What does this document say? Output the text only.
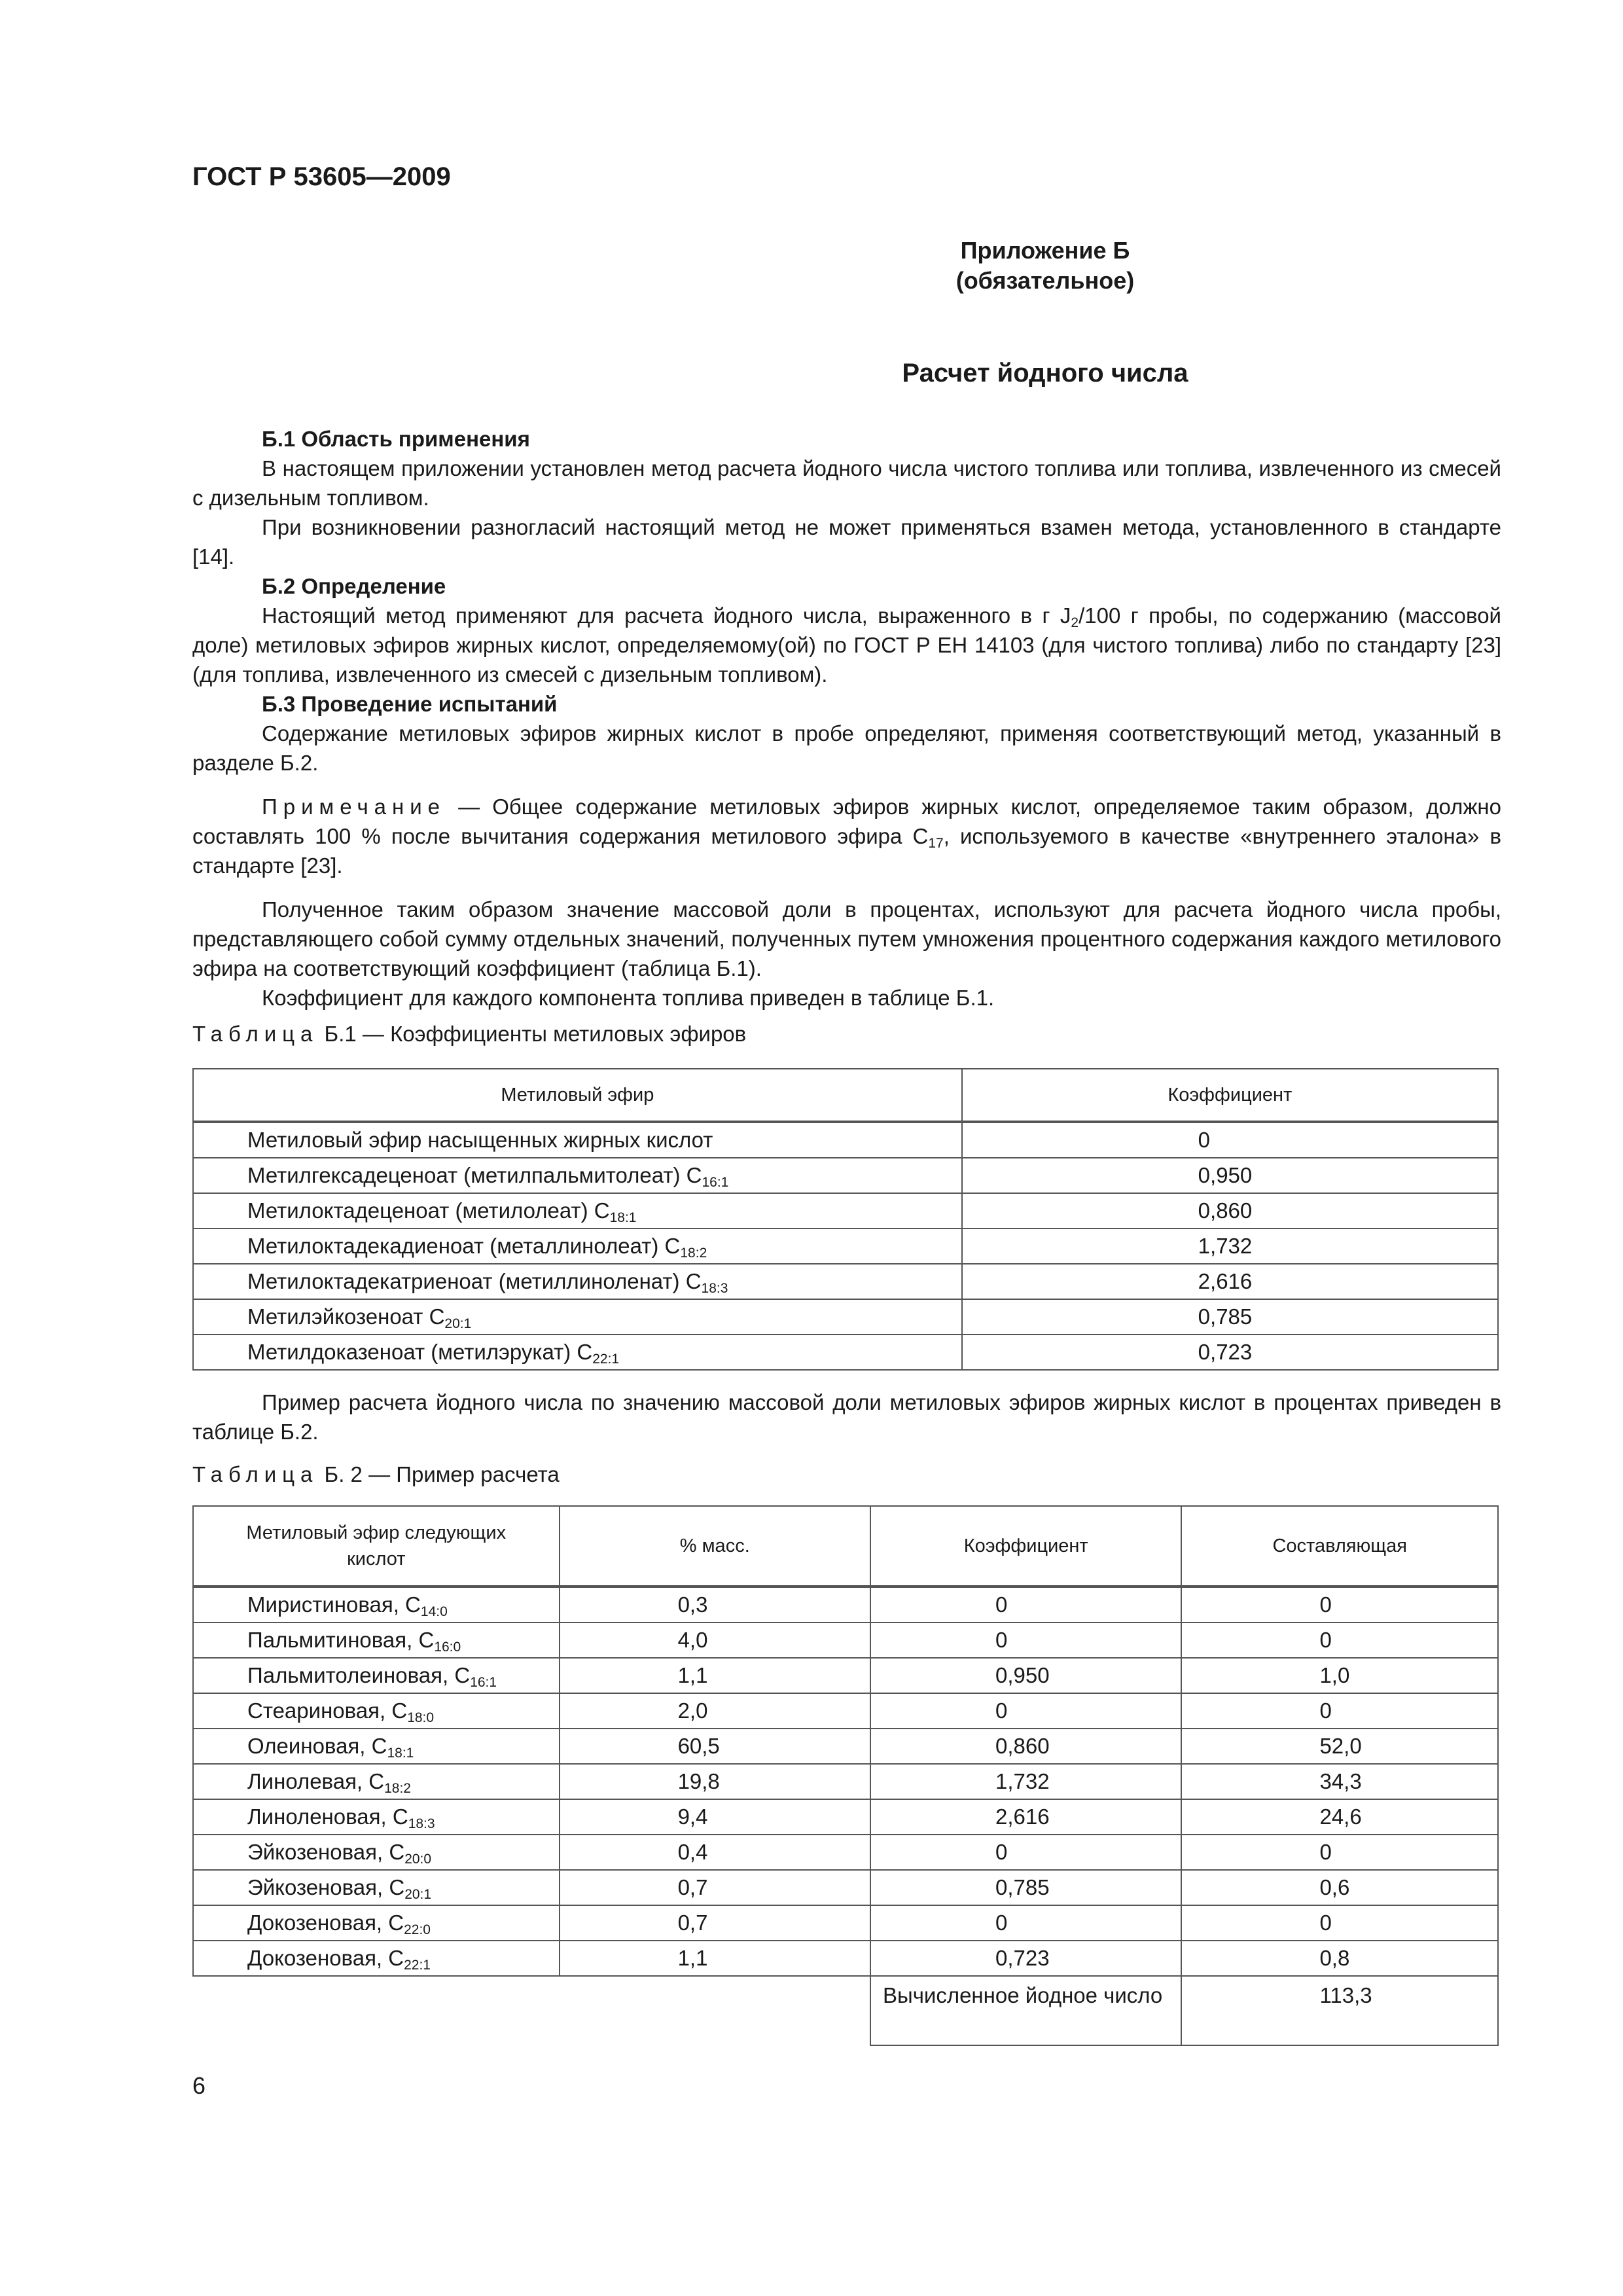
ГОСТ Р 53605—2009
Приложение Б
(обязательное)
Расчет йодного числа

Б.1 Область применения

В настоящем приложении установлен метод расчета йодного числа чистого топлива или топлива, извлеченного из смесей с дизельным топливом.

При возникновении разногласий настоящий метод не может применяться взамен метода, установленного в стандарте [14].

Б.2 Определение

Настоящий метод применяют для расчета йодного числа, выраженного в г $J_2/100$ г пробы, по содержанию (массовой доле) метиловых эфиров жирных кислот, определяемому(ой) по ГОСТ Р ЕН 14103 (для чистого топлива) либо по стандарту [23] (для топлива, извлеченного из смесей с дизельным топливом).

Б.3 Проведение испытаний

Содержание метиловых эфиров жирных кислот в пробе определяют, применяя соответствующий метод, указанный в разделе Б.2.

Примечание — Общее содержание метиловых эфиров жирных кислот, определяемое таким образом, должно составлять 100 % после вычитания содержания метилового эфира $С_{17}$, используемого в качестве «внутреннего эталона» в стандарте [23].

Полученное таким образом значение массовой доли в процентах, используют для расчета йодного числа пробы, представляющего собой сумму отдельных значений, полученных путем умножения процентного содержания каждого метилового эфира на соответствующий коэффициент (таблица Б.1).

Коэффициент для каждого компонента топлива приведен в таблице Б.1.

Таблица Б.1 — Коэффициенты метиловых эфиров

Метиловый эфир	Коэффициент
Метиловый эфир насыщенных жирных кислот	0
Метилгексадеценоат (метилпальмитолеат) $С_{16:1}$	0,950
Метилоктадеценоат (метилолеат) $С_{18:1}$	0,860
Метилоктадекадиеноат (металлинолеат) $С_{18:2}$	1,732
Метилоктадекатриеноат (метиллиноленат) $С_{18:3}$	2,616
Метилэйкозеноат $С_{20:1}$	0,785
Метилдоказеноат (метилэрукат) $С_{22:1}$	0,723

Пример расчета йодного числа по значению массовой доли метиловых эфиров жирных кислот в процентах приведен в таблице Б.2.

Таблица Б. 2 — Пример расчета

Метиловый эфир следующих кислот	% масс.	Коэффициент	Составляющая
Миристиновая, $С_{14:0}$	0,3	0	0
Пальмитиновая, $С_{16:0}$	4,0	0	0
Пальмитолеиновая, $С_{16:1}$	1,1	0,950	1,0
Стеариновая, $С_{18:0}$	2,0	0	0
Олеиновая, $С_{18:1}$	60,5	0,860	52,0
Линолевая, $С_{18:2}$	19,8	1,732	34,3
Линоленовая, $С_{18:3}$	9,4	2,616	24,6
Эйкозеновая, $С_{20:0}$	0,4	0	0
Эйкозеновая, $С_{20:1}$	0,7	0,785	0,6
Докозеновая, $С_{22:0}$	0,7	0	0
Докозеновая, $С_{22:1}$	1,1	0,723	0,8
		Вычисленное йодное число	113,3
6
